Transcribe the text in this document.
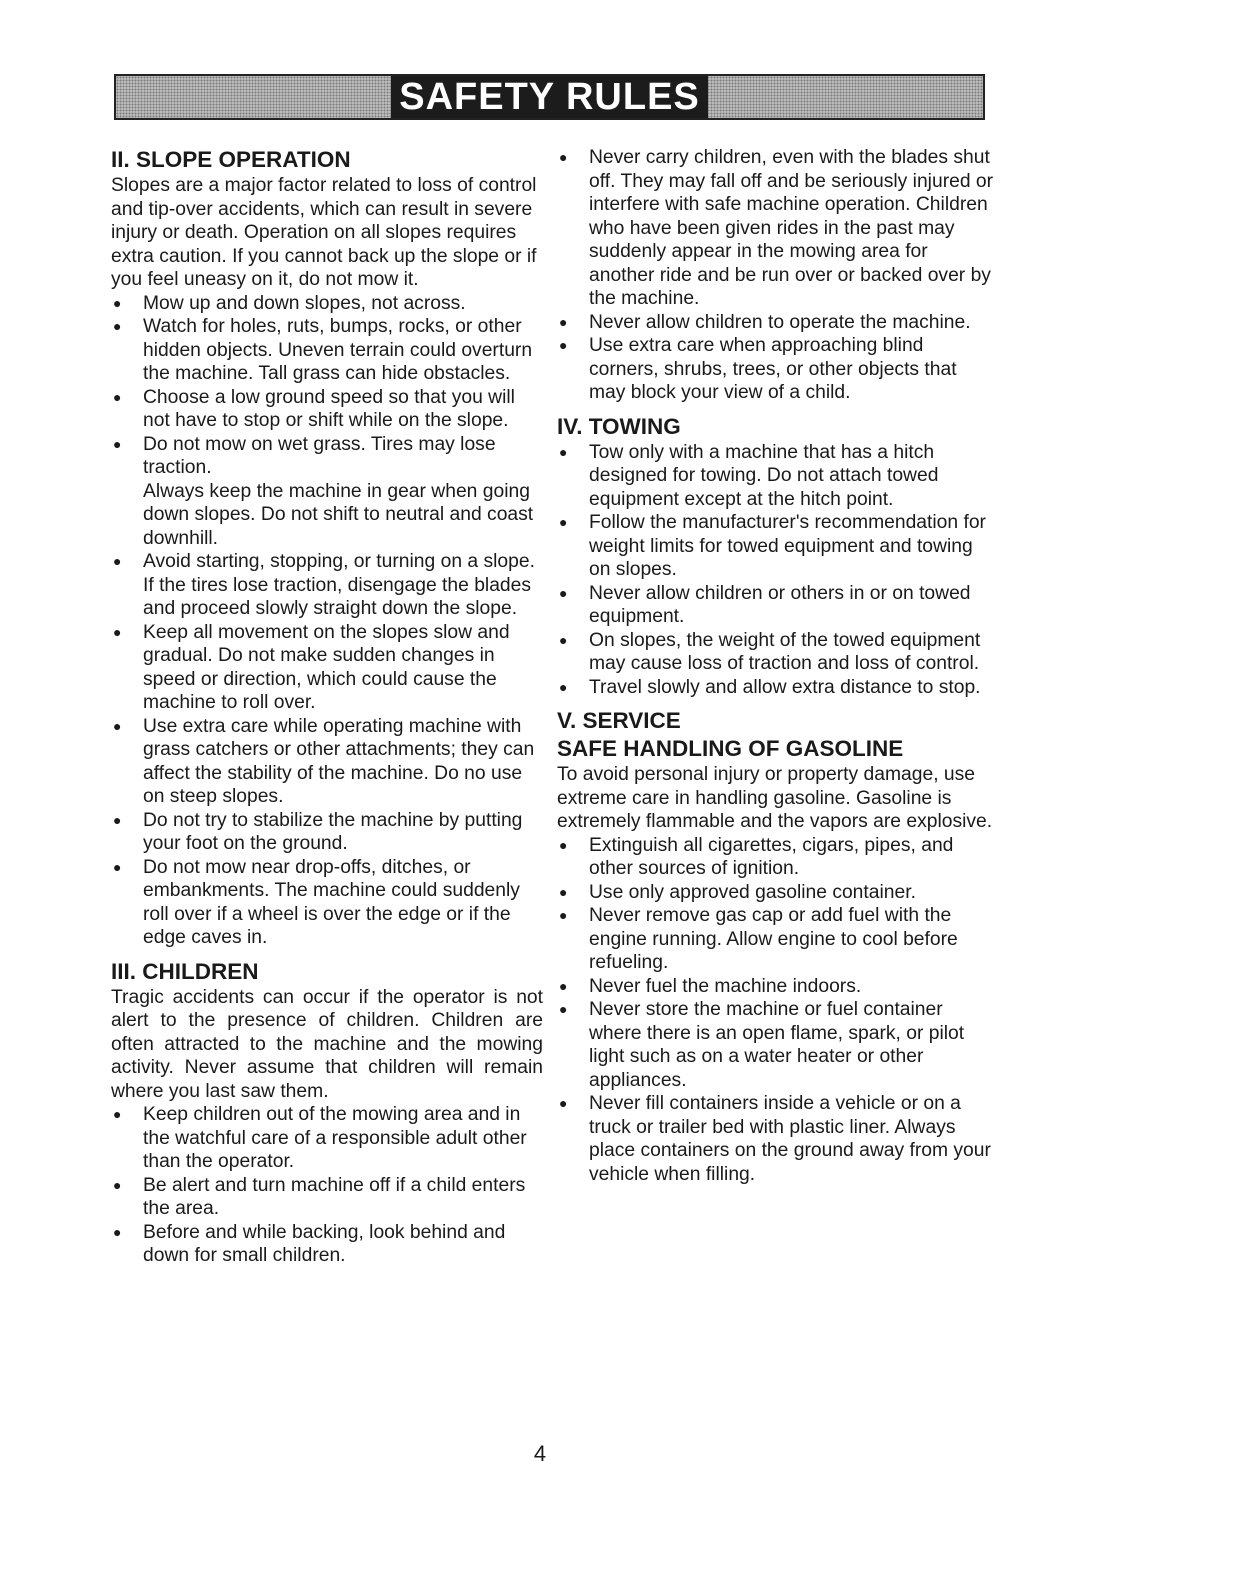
SAFETY RULES
II. SLOPE OPERATION

Slopes are a major factor related to loss of control and tip-over accidents, which can result in severe injury or death. Operation on all slopes requires extra caution. If you cannot back up the slope or if you feel uneasy on it, do not mow it.

● Mow up and down slopes, not across.
● Watch for holes, ruts, bumps, rocks, or other hidden objects. Uneven terrain could overturn the machine. Tall grass can hide obstacles.
● Choose a low ground speed so that you will not have to stop or shift while on the slope.
● Do not mow on wet grass. Tires may lose traction.

Always keep the machine in gear when going down slopes. Do not shift to neutral and coast downhill.

● Avoid starting, stopping, or turning on a slope. If the tires lose traction, disengage the blades and proceed slowly straight down the slope.
● Keep all movement on the slopes slow and gradual. Do not make sudden changes in speed or direction, which could cause the machine to roll over.
● Use extra care while operating machine with grass catchers or other attachments; they can affect the stability of the machine. Do no use on steep slopes.
● Do not try to stabilize the machine by putting your foot on the ground.
● Do not mow near drop-offs, ditches, or embankments. The machine could suddenly roll over if a wheel is over the edge or if the edge caves in.
III. CHILDREN

Tragic accidents can occur if the operator is not alert to the presence of children. Children are often attracted to the machine and the mowing activity. Never assume that children will remain where you last saw them.

● Keep children out of the mowing area and in the watchful care of a responsible adult other than the operator.
● Be alert and turn machine off if a child enters the area.
● Before and while backing, look behind and down for small children.
● Never carry children, even with the blades shut off. They may fall off and be seriously injured or interfere with safe machine operation. Children who have been given rides in the past may suddenly appear in the mowing area for another ride and be run over or backed over by the machine.
● Never allow children to operate the machine.
● Use extra care when approaching blind corners, shrubs, trees, or other objects that may block your view of a child.
IV. TOWING
● Tow only with a machine that has a hitch designed for towing. Do not attach towed equipment except at the hitch point.
● Follow the manufacturer's recommendation for weight limits for towed equipment and towing on slopes.
● Never allow children or others in or on towed equipment.
● On slopes, the weight of the towed equipment may cause loss of traction and loss of control.
● Travel slowly and allow extra distance to stop.
V. SERVICE
SAFE HANDLING OF GASOLINE

To avoid personal injury or property damage, use extreme care in handling gasoline. Gasoline is extremely flammable and the vapors are explosive.

● Extinguish all cigarettes, cigars, pipes, and other sources of ignition.
● Use only approved gasoline container.
● Never remove gas cap or add fuel with the engine running. Allow engine to cool before refueling.
● Never fuel the machine indoors.
● Never store the machine or fuel container where there is an open flame, spark, or pilot light such as on a water heater or other appliances.
● Never fill containers inside a vehicle or on a truck or trailer bed with plastic liner. Always place containers on the ground away from your vehicle when filling.
4
